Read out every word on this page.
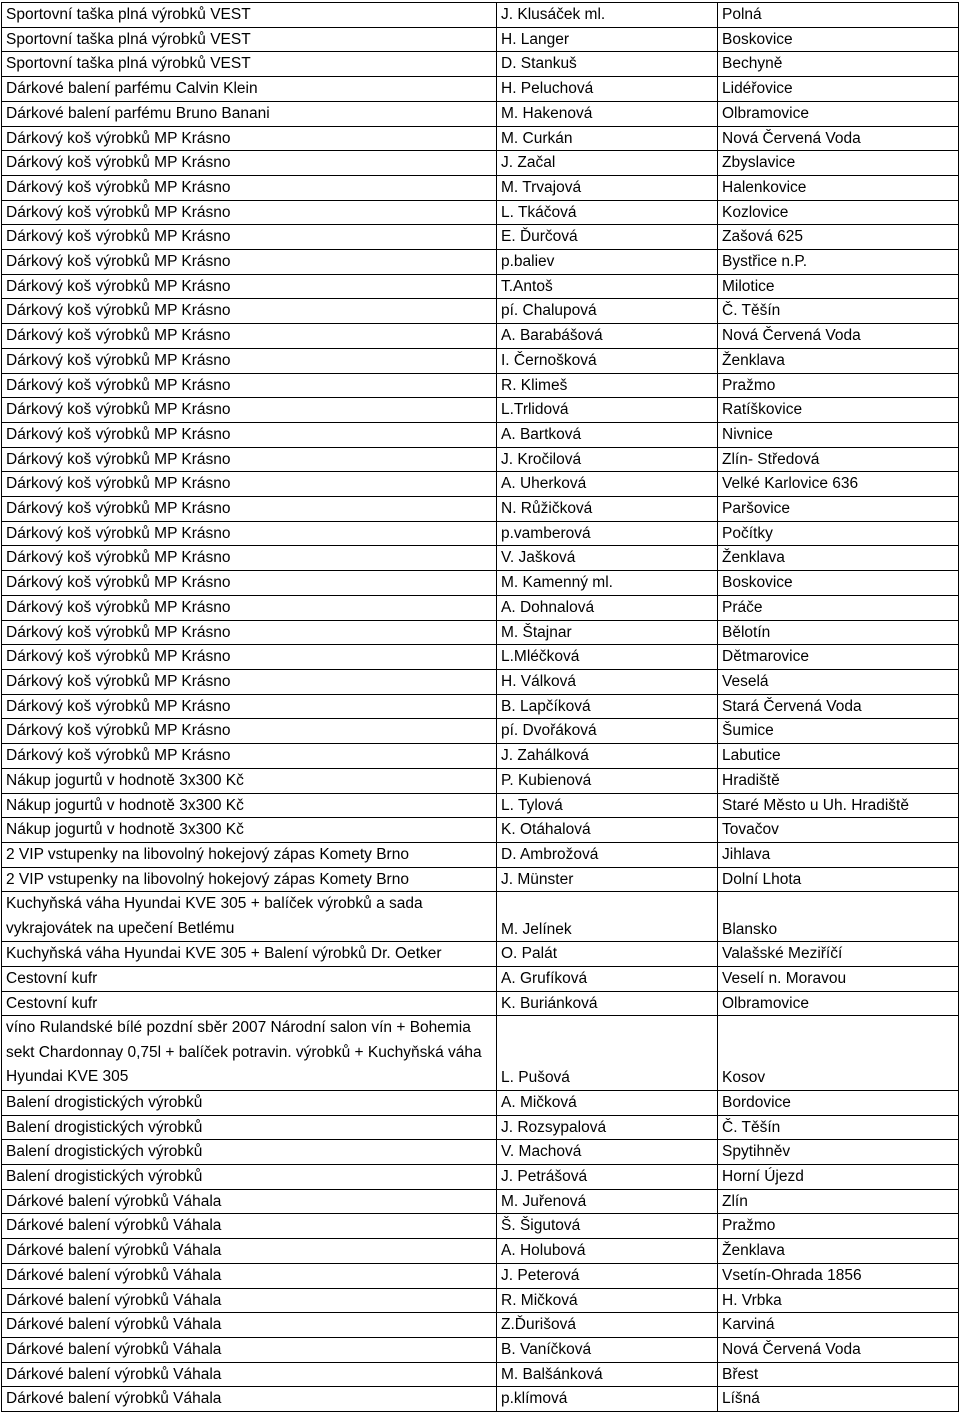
Sportovní taška plná výrobků VEST	J. Klusáček ml.	Polná
Sportovní taška plná výrobků VEST	H. Langer	Boskovice
Sportovní taška plná výrobků VEST	D. Stankuš	Bechyně
Dárkové balení parfému Calvin Klein	H. Peluchová	Lidéřovice
Dárkové balení parfému Bruno Banani	M. Hakenová	Olbramovice
Dárkový koš výrobků MP Krásno	M. Curkán	Nová Červená Voda
Dárkový koš výrobků MP Krásno	J. Začal	Zbyslavice
Dárkový koš výrobků MP Krásno	M. Trvajová	Halenkovice
Dárkový koš výrobků MP Krásno	L. Tkáčová	Kozlovice
Dárkový koš výrobků MP Krásno	E. Ďurčová	Zašová 625
Dárkový koš výrobků MP Krásno	p.baliev	Bystřice n.P.
Dárkový koš výrobků MP Krásno	T.Antoš	Milotice
Dárkový koš výrobků MP Krásno	pí. Chalupová	Č. Těšín
Dárkový koš výrobků MP Krásno	A. Barabášová	Nová Červená Voda
Dárkový koš výrobků MP Krásno	I. Černošková	Ženklava
Dárkový koš výrobků MP Krásno	R. Klimeš	Pražmo
Dárkový koš výrobků MP Krásno	L.Trlidová	Ratíškovice
Dárkový koš výrobků MP Krásno	A. Bartková	Nivnice
Dárkový koš výrobků MP Krásno	J. Kročilová	Zlín- Středová
Dárkový koš výrobků MP Krásno	A. Uherková	Velké Karlovice 636
Dárkový koš výrobků MP Krásno	N. Růžičková	Paršovice
Dárkový koš výrobků MP Krásno	p.vamberová	Počítky
Dárkový koš výrobků MP Krásno	V. Jašková	Ženklava
Dárkový koš výrobků MP Krásno	M. Kamenný ml.	Boskovice
Dárkový koš výrobků MP Krásno	A. Dohnalová	Práče
Dárkový koš výrobků MP Krásno	M. Štajnar	Bělotín
Dárkový koš výrobků MP Krásno	L.Mléčková	Dětmarovice
Dárkový koš výrobků MP Krásno	H. Válková	Veselá
Dárkový koš výrobků MP Krásno	B. Lapčíková	Stará Červená Voda
Dárkový koš výrobků MP Krásno	pí. Dvořáková	Šumice
Dárkový koš výrobků MP Krásno	J. Zahálková	Labutice
Nákup jogurtů v hodnotě 3x300 Kč	P. Kubienová	Hradiště
Nákup jogurtů v hodnotě 3x300 Kč	L. Tylová	Staré Město u Uh. Hradiště
Nákup jogurtů v hodnotě 3x300 Kč	K. Otáhalová	Tovačov
2 VIP vstupenky na libovolný hokejový zápas Komety Brno	D. Ambrožová	Jihlava
2 VIP vstupenky na libovolný hokejový zápas Komety Brno	J. Münster	Dolní Lhota
Kuchyňská váha Hyundai KVE 305 + balíček výrobků a sada vykrajovátek na upečení Betlému	M. Jelínek	Blansko
Kuchyňská váha Hyundai KVE 305 + Balení výrobků Dr. Oetker	O. Palát	Valašské Meziříčí
Cestovní kufr	A. Grufíková	Veselí n. Moravou
Cestovní kufr	K. Buriánková	Olbramovice
víno Rulandské bílé pozdní sběr 2007 Národní salon vín + Bohemia sekt Chardonnay 0,75l + balíček potravin. výrobků + Kuchyňská váha Hyundai KVE 305	L. Pušová	Kosov
Balení drogistických výrobků	A. Mičková	Bordovice
Balení drogistických výrobků	J. Rozsypalová	Č. Těšín
Balení drogistických výrobků	V. Machová	Spytihněv
Balení drogistických výrobků	J. Petrášová	Horní Újezd
Dárkové balení výrobků Váhala	M. Juřenová	Zlín
Dárkové balení výrobků Váhala	Š. Šigutová	Pražmo
Dárkové balení výrobků Váhala	A. Holubová	Ženklava
Dárkové balení výrobků Váhala	J. Peterová	Vsetín-Ohrada 1856
Dárkové balení výrobků Váhala	R. Mičková	H. Vrbka
Dárkové balení výrobků Váhala	Z.Ďurišová	Karviná
Dárkové balení výrobků Váhala	B. Vaníčková	Nová Červená Voda
Dárkové balení výrobků Váhala	M. Balšánková	Břest
Dárkové balení výrobků Váhala	p.klímová	Líšná
